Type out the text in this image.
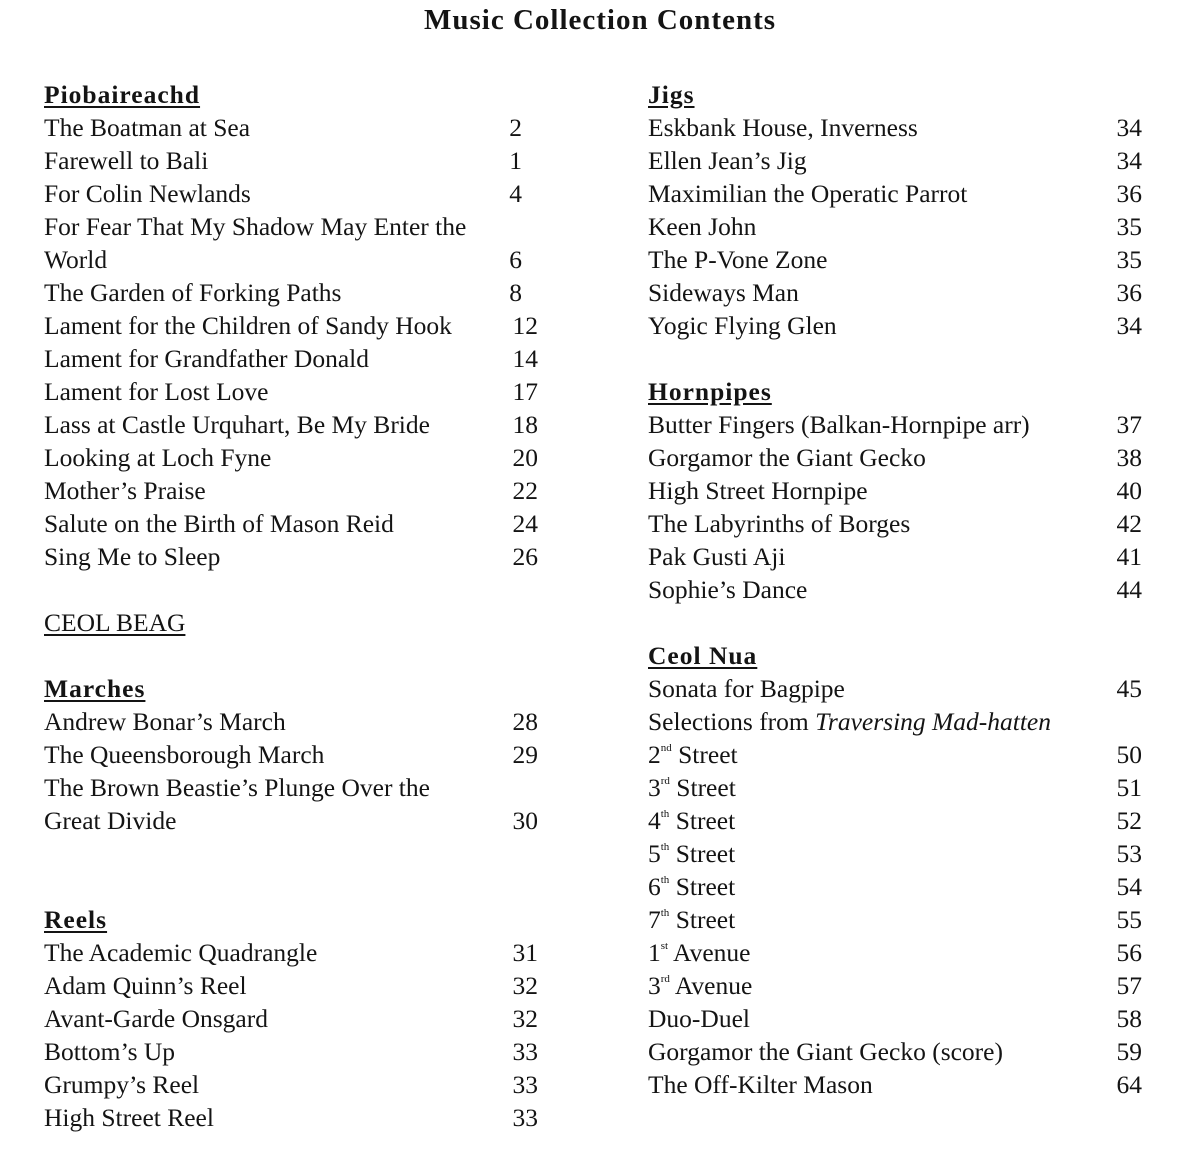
Music Collection Contents
Piobaireachd
The Boatman at Sea	2
Farewell to Bali	1
For Colin Newlands	4
For Fear That My Shadow May Enter the
World	6
The Garden of Forking Paths	8
Lament for the Children of Sandy Hook 12
Lament for Grandfather Donald	14
Lament for Lost Love	17
Lass at Castle Urquhart, Be My Bride	18
Looking at Loch Fyne	20
Mother’s Praise	22
Salute on the Birth of Mason Reid	24
Sing Me to Sleep	26
CEOL BEAG
Marches
Andrew Bonar’s March	28
The Queensborough March	29
The Brown Beastie’s Plunge Over the
Great Divide	30
Reels
The Academic Quadrangle	31
Adam Quinn’s Reel	32
Avant-Garde Onsgard	32
Bottom’s Up	33
Grumpy’s Reel	33
High Street Reel	33
Jigs
Eskbank House, Inverness	34
Ellen Jean’s Jig	34
Maximilian the Operatic Parrot	36
Keen John	35
The P-Vone Zone	35
Sideways Man	36
Yogic Flying Glen	34
Hornpipes
Butter Fingers (Balkan-Hornpipe arr)	37
Gorgamor the Giant Gecko	38
High Street Hornpipe	40
The Labyrinths of Borges	42
Pak Gusti Aji	41
Sophie’s Dance	44
Ceol Nua
Sonata for Bagpipe	45
Selections from Traversing Mad-hatten
2nd Street	50
3rd Street	51
4th Street	52
5th Street	53
6th Street	54
7th Street	55
1st Avenue	56
3rd Avenue	57
Duo-Duel	58
Gorgamor the Giant Gecko (score)	59
The Off-Kilter Mason	64
